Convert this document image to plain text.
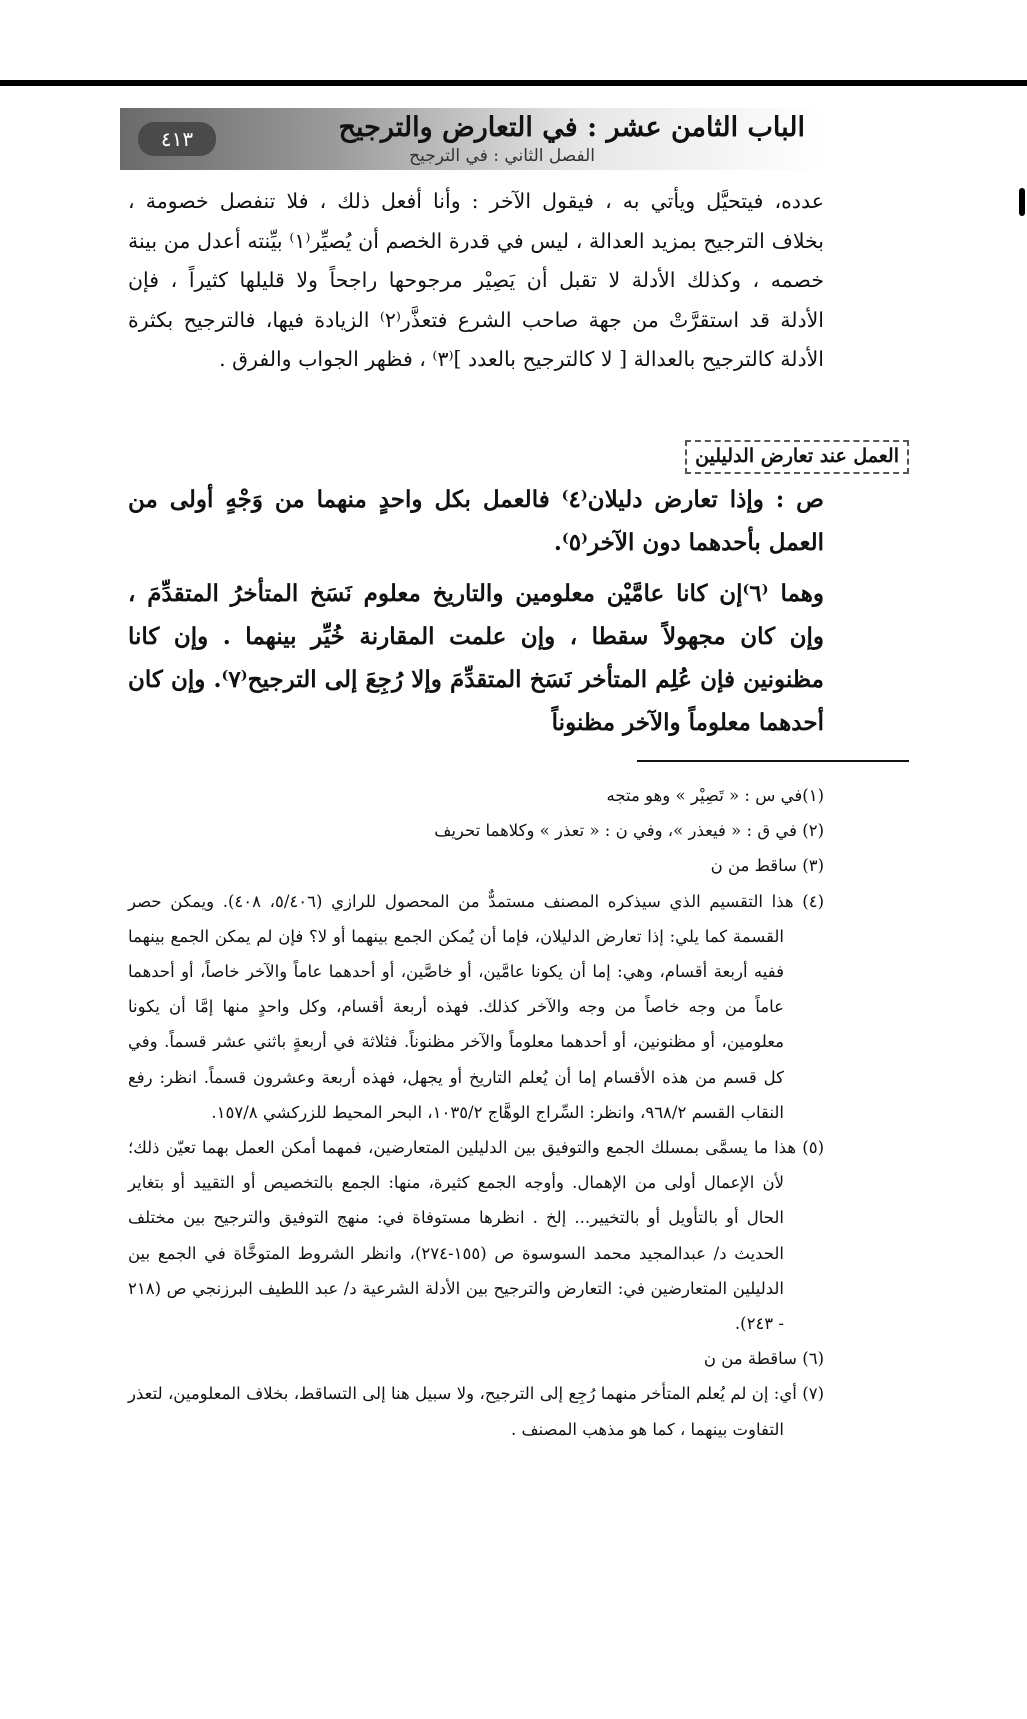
الباب الثامن عشر : في التعارض والترجيح
الفصل الثاني : في الترجيح
٤١٣

عدده، فيتحيَّل ويأتي به ، فيقول الآخر : وأنا أفعل ذلك ، فلا تنفصل خصومة ،

بخلاف الترجيح بمزيد العدالة ، ليس في قدرة الخصم أن يُصيِّر⁽١⁾ بيِّنته أعدل من بينة

خصمه ، وكذلك الأدلة لا تقبل أن يَصِيْر مرجوحها راجحاً ولا قليلها كثيراً ، فإن

الأدلة قد استقرَّتْ من جهة صاحب الشرع فتعذَّر⁽٢⁾ الزيادة فيها، فالترجيح بكثرة

الأدلة كالترجيح بالعدالة [ لا كالترجيح بالعدد ]⁽٣⁾ ، فظهر الجواب والفرق .

العمل عند تعارض الدليلين

ص : وإذا تعارض دليلان⁽٤⁾ فالعمل بكل واحدٍ منهما من وَجْهٍ أولى من العمل بأحدهما دون الآخر⁽٥⁾.

وهما ⁽٦⁾إن كانا عامَّيْن معلومين والتاريخ معلوم نَسَخ المتأخرُ المتقدِّمَ ، وإن كان مجهولاً سقطا ، وإن علمت المقارنة خُيِّر بينهما . وإن كانا مظنونين فإن عُلِم المتأخر نَسَخ المتقدِّمَ وإلا رُجِعَ إلى الترجيح⁽٧⁾. وإن كان أحدهما معلوماً والآخر مظنوناً

(١)في س : « تَصِيْر » وهو متجه

(٢) في ق : « فيعذر »، وفي ن : « تعذر » وكلاهما تحريف

(٣) ساقط من ن

(٤) هذا التقسيم الذي سيذكره المصنف مستمدٌّ من المحصول للرازي (٥/٤٠٦، ٤٠٨). ويمكن حصر القسمة كما يلي: إذا تعارض الدليلان، فإما أن يُمكن الجمع بينهما أو لا؟ فإن لم يمكن الجمع بينهما ففيه أربعة أقسام، وهي: إما أن يكونا عامَّين، أو خاصَّين، أو أحدهما عاماً والآخر خاصاً، أو أحدهما عاماً من وجه خاصاً من وجه والآخر كذلك. فهذه أربعة أقسام، وكل واحدٍ منها إمَّا أن يكونا معلومين، أو مظنونين، أو أحدهما معلوماً والآخر مظنوناً. فثلاثة في أربعةٍ باثني عشر قسماً. وفي كل قسم من هذه الأقسام إما أن يُعلم التاريخ أو يجهل، فهذه أربعة وعشرون قسماً. انظر: رفع النقاب القسم ٩٦٨/٢، وانظر: السِّراج الوهَّاج ١٠٣٥/٢، البحر المحيط للزركشي ١٥٧/٨.

(٥) هذا ما يسمَّى بمسلك الجمع والتوفيق بين الدليلين المتعارضين، فمهما أمكن العمل بهما تعيّن ذلك؛ لأن الإعمال أولى من الإهمال. وأوجه الجمع كثيرة، منها: الجمع بالتخصيص أو التقييد أو بتغاير الحال أو بالتأويل أو بالتخيير... إلخ . انظرها مستوفاة في: منهج التوفيق والترجيح بين مختلف الحديث د/ عبدالمجيد محمد السوسوة ص (١٥٥-٢٧٤)، وانظر الشروط المتوخَّاة في الجمع بين الدليلين المتعارضين في: التعارض والترجيح بين الأدلة الشرعية د/ عبد اللطيف البرزنجي ص (٢١٨ - ٢٤٣).

(٦) ساقطة من ن

(٧) أي: إن لم يُعلم المتأخر منهما رُجِع إلى الترجيح، ولا سبيل هنا إلى التساقط، بخلاف المعلومين، لتعذر التفاوت بينهما ، كما هو مذهب المصنف .
